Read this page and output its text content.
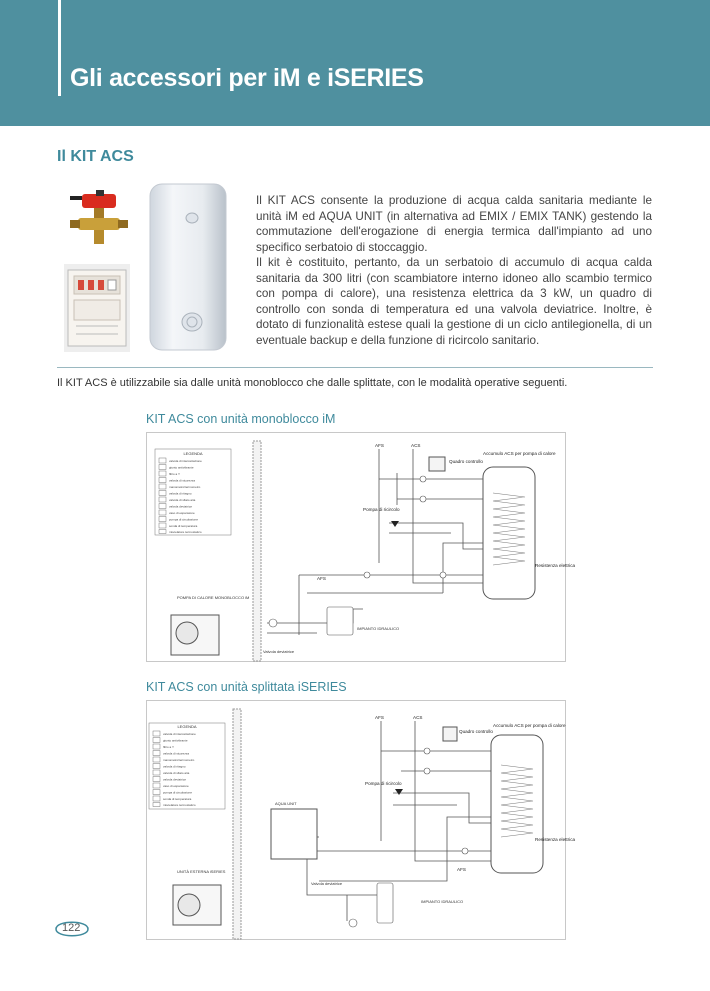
Gli accessori per iM e iSERIES
Il KIT ACS

Il KIT ACS consente la produzione di acqua calda sanitaria mediante le unità iM ed AQUA UNIT (in alternativa ad EMIX / EMIX TANK) gestendo la commutazione dell'erogazione di energia termica dall'impianto ad uno specifico serbatoio di stoccaggio.

Il kit è costituito, pertanto, da un serbatoio di accumulo di acqua calda sanitaria da 300 litri (con scambiatore interno idoneo allo scambio termico con pompa di calore), una resistenza elettrica da 3 kW, un quadro di controllo con sonda di temperatura ed una valvola deviatrice. Inoltre, è dotato di funzionalità estese quali la gestione di un ciclo antilegionella, di un eventuale backup e della funzione di ricircolo sanitario.

Il KIT ACS è utilizzabile sia dalle unità monoblocco che dalle splittate, con le modalità operative seguenti.
KIT ACS con unità monoblocco iM
LEGENDA
valvola di intercettazione
giunto antivibrante
filtro a Y
valvola di sicurezza
manometro/termometro
valvola di ritegno
valvola di sfiato aria
valvola deviatrice
vaso di espansione
pompa di circolazione
sonda di temperatura
miscelatore termostatico
Accumulo ACS per pompa di calore
Resistenza elettrica
AFS	ACS
Quadro controllo
Pompa di ricircolo
AFS
POMPA DI CALORE MONOBLOCCO iM
IMPIANTO IDRAULICO
Valvola deviatrice
KIT ACS con unità splittata iSERIES
LEGENDA
valvola di intercettazione
giunto antivibrante
filtro a Y
valvola di sicurezza
manometro/termometro
valvola di ritegno
valvola di sfiato aria
valvola deviatrice
vaso di espansione
pompa di circolazione
sonda di temperatura
miscelatore termostatico
Accumulo ACS per pompa di calore
Resistenza elettrica
AFS	ACS
Quadro controllo
Pompa di ricircolo
AFS
AQUA UNIT
UNITÀ ESTERNA iSERIES
IMPIANTO IDRAULICO
Valvola deviatrice
122
